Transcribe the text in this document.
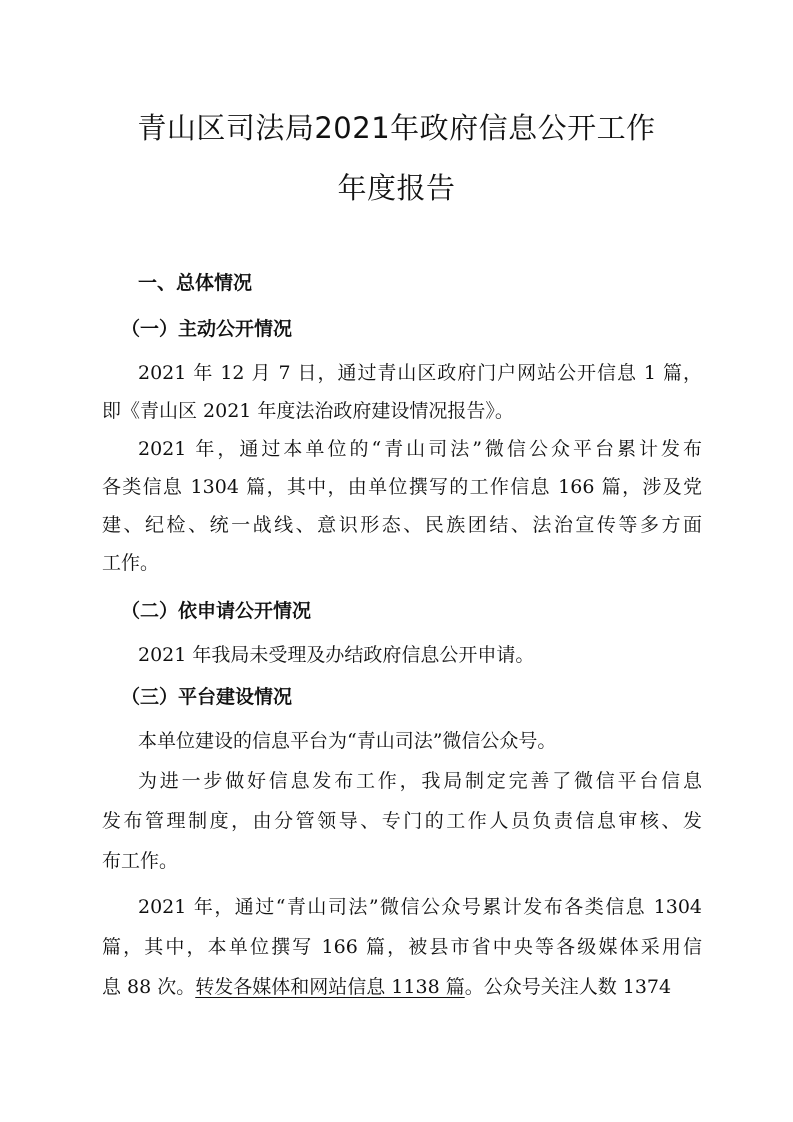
青山区司法局2021年政府信息公开工作
年度报告
一、总体情况
（一）主动公开情况
2021 年 12 月 7 日，通过青山区政府门户网站公开信息 1 篇，
即《青山区 2021 年度法治政府建设情况报告》。
2021 年，通过本单位的“青山司法”微信公众平台累计发布
各类信息 1304 篇，其中，由单位撰写的工作信息 166 篇，涉及党
建、纪检、统一战线、意识形态、民族团结、法治宣传等多方面
工作。
（二）依申请公开情况
2021 年我局未受理及办结政府信息公开申请。
（三）平台建设情况
本单位建设的信息平台为“青山司法”微信公众号。
为进一步做好信息发布工作，我局制定完善了微信平台信息
发布管理制度，由分管领导、专门的工作人员负责信息审核、发
布工作。
2021 年，通过“青山司法”微信公众号累计发布各类信息 1304
篇，其中，本单位撰写 166 篇，被县市省中央等各级媒体采用信
息 88 次。转发各媒体和网站信息 1138 篇。公众号关注人数 1374
